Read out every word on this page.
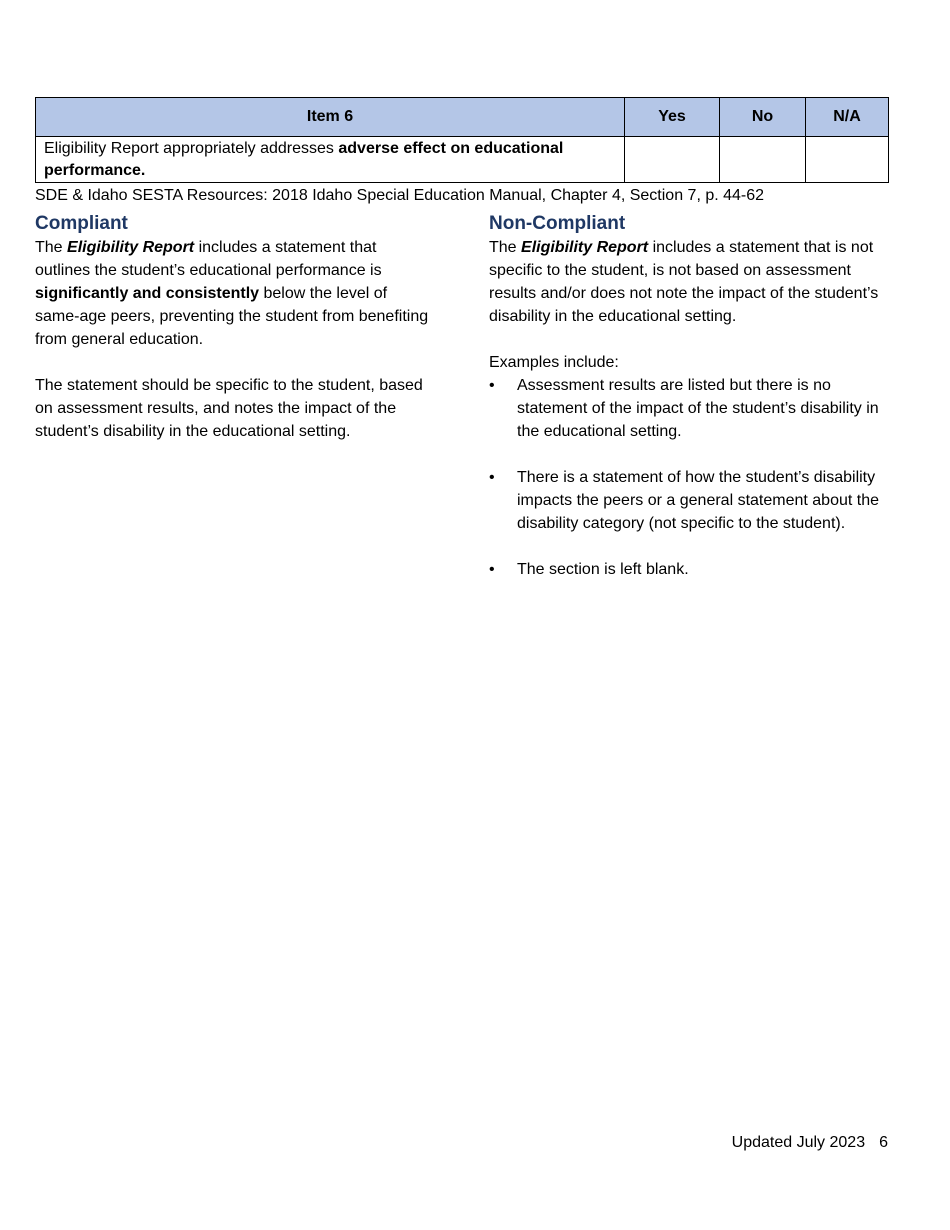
Item 6	Yes	No	N/A
Eligibility Report appropriately addresses adverse effect on educational performance.			
SDE & Idaho SESTA Resources: 2018 Idaho Special Education Manual, Chapter 4, Section 7, p. 44-62
Compliant

The Eligibility Report includes a statement that outlines the student’s educational performance is significantly and consistently below the level of same-age peers, preventing the student from benefiting from general education.

The statement should be specific to the student, based on assessment results, and notes the impact of the student’s disability in the educational setting.

Non-Compliant

The Eligibility Report includes a statement that is not specific to the student, is not based on assessment results and/or does not note the impact of the student’s disability in the educational setting.

Examples include:

• Assessment results are listed but there is no statement of the impact of the student’s disability in the educational setting.
• There is a statement of how the student’s disability impacts the peers or a general statement about the disability category (not specific to the student).
• The section is left blank.
Updated July 2023 6
